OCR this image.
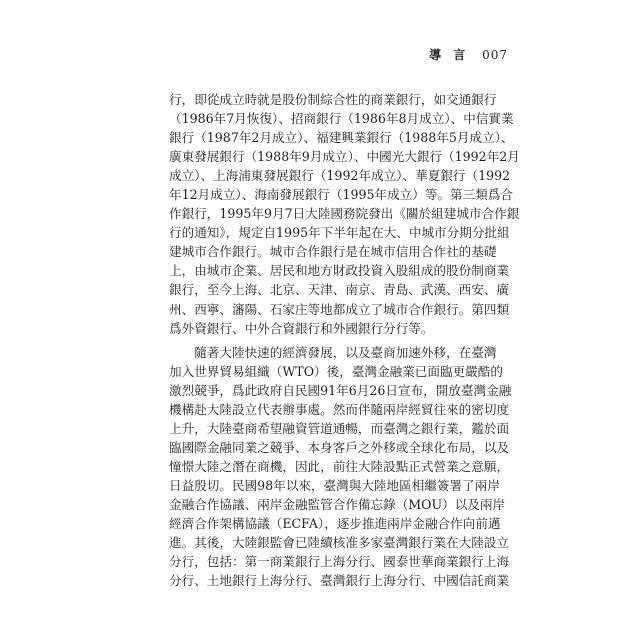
導 言 007
行，即從成立時就是股份制綜合性的商業銀行，如交通銀行
（1986年7月恢復）、招商銀行（1986年8月成立）、中信實業
銀行（1987年2月成立）、福建興業銀行（1988年5月成立）、
廣東發展銀行（1988年9月成立）、中國光大銀行（1992年2月
成立）、上海浦東發展銀行（1992年成立）、華夏銀行（1992
年12月成立）、海南發展銀行（1995年成立）等。第三類爲合
作銀行，1995年9月7日大陸國務院發出《關於組建城市合作銀
行的通知》，規定自1995年下半年起在大、中城市分期分批組
建城市合作銀行。城市合作銀行是在城市信用合作社的基礎
上，由城市企業、居民和地方財政投資入股組成的股份制商業
銀行，至今上海、北京、天津、南京、青島、武漢、西安、廣
州、西寧、瀋陽、石家庄等地都成立了城市合作銀行。第四類
爲外資銀行、中外合資銀行和外國銀行分行等。
　　隨著大陸快速的經濟發展，以及臺商加速外移，在臺灣
加入世界貿易組織（WTO）後，臺灣金融業已面臨更嚴酷的
激烈競爭，爲此政府自民國91年6月26日宣布，開放臺灣金融
機構赴大陸設立代表辦事處。然而伴隨兩岸經貿往來的密切度
上升，大陸臺商希望融資管道通暢，而臺灣之銀行業，鑑於面
臨國際金融同業之競爭、本身客戶之外移或全球化布局，以及
憧憬大陸之潛在商機，因此，前往大陸設點正式營業之意願，
日益殷切。民國98年以來，臺灣與大陸地區相繼簽署了兩岸
金融合作協議、兩岸金融監管合作備忘錄（MOU）以及兩岸
經濟合作架構協議（ECFA），逐步推進兩岸金融合作向前邁
進。其後，大陸銀監會已陸續核准多家臺灣銀行業在大陸設立
分行，包括：第一商業銀行上海分行、國泰世華商業銀行上海
分行、土地銀行上海分行、臺灣銀行上海分行、中國信託商業
